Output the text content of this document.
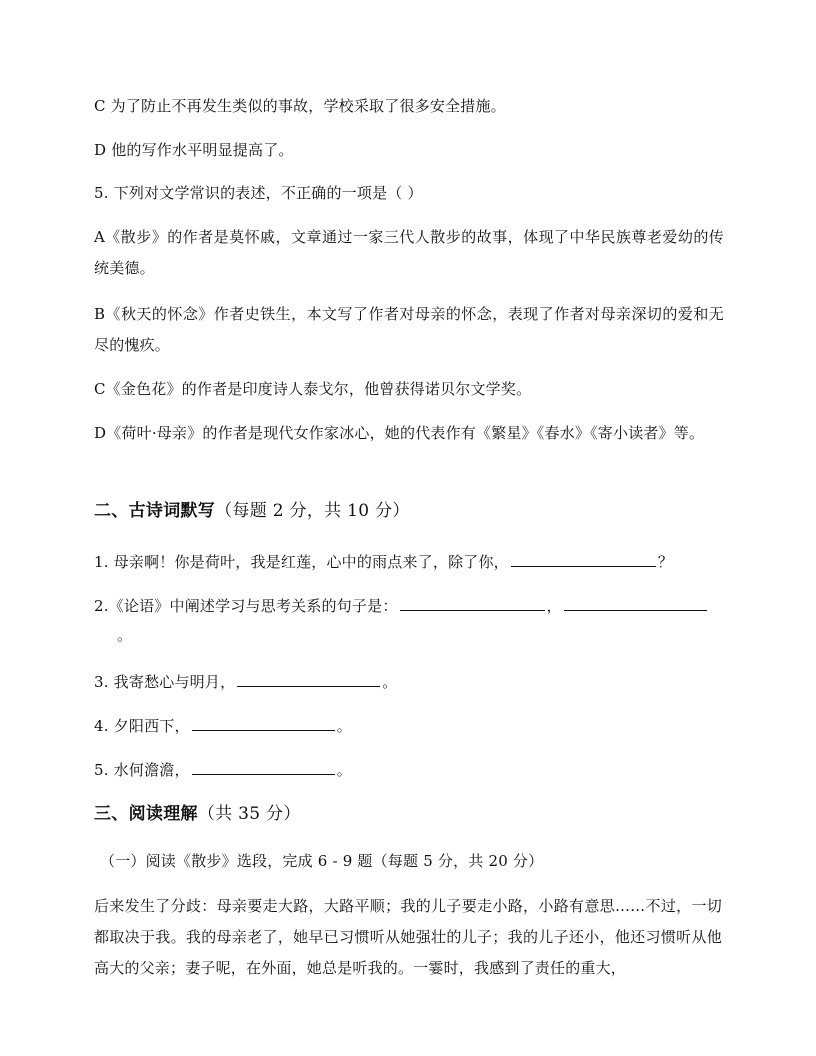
C 为了防止不再发生类似的事故，学校采取了很多安全措施。
D 他的写作水平明显提高了。
5. 下列对文学常识的表述，不正确的一项是（ ）
A《散步》的作者是莫怀戚，文章通过一家三代人散步的故事，体现了中华民族尊老爱幼的传统美德。
B《秋天的怀念》作者史铁生，本文写了作者对母亲的怀念，表现了作者对母亲深切的爱和无尽的愧疚。
C《金色花》的作者是印度诗人泰戈尔，他曾获得诺贝尔文学奖。
D《荷叶·母亲》的作者是现代女作家冰心，她的代表作有《繁星》《春水》《寄小读者》等。
二、古诗词默写（每题 2 分，共 10 分）
1. 母亲啊！你是荷叶，我是红莲，心中的雨点来了，除了你，	？
2.《论语》中阐述学习与思考关系的句子是：	，
。
3. 我寄愁心与明月，	。
4. 夕阳西下，	。
5. 水何澹澹，	。
三、阅读理解（共 35 分）
（一）阅读《散步》选段，完成 6 - 9 题（每题 5 分，共 20 分）
后来发生了分歧：母亲要走大路，大路平顺；我的儿子要走小路，小路有意思……不过，一切都取决于我。我的母亲老了，她早已习惯听从她强壮的儿子；我的儿子还小，他还习惯听从他高大的父亲；妻子呢，在外面，她总是听我的。一霎时，我感到了责任的重大，
